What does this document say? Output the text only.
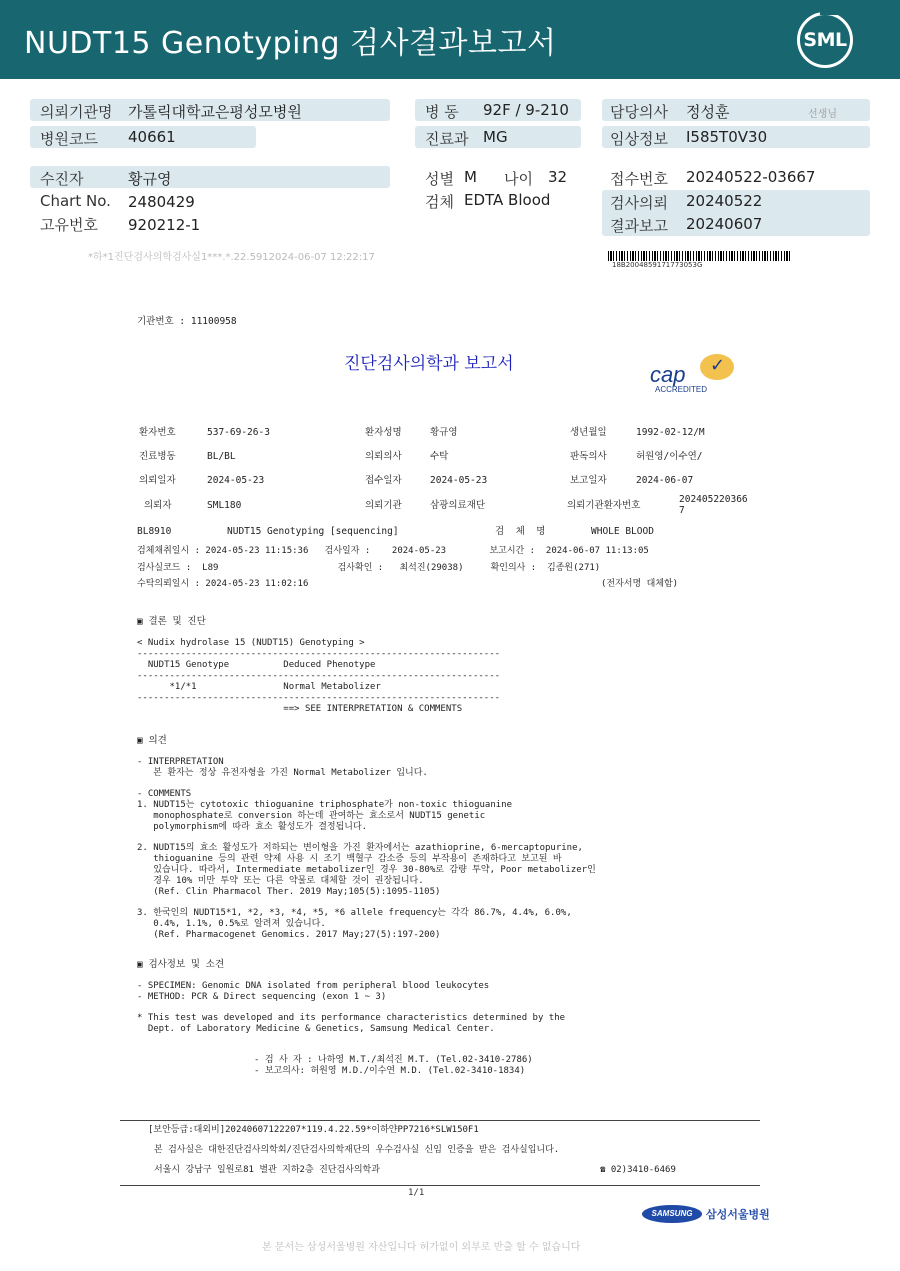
NUDT15 Genotyping 검사결과보고서	SML
의뢰기관명 가톨릭대학교은평성모병원
병원코드 40661
병 동 92F / 9-210
진료과 MG
담당의사 정성훈	선생님
임상정보 I585T0V30
수진자	황규영
Chart No. 2480429
고유번호 920212-1
성별 M 나이 32
검체 EDTA Blood
접수번호 20240522-03667
검사의뢰 20240522
결과보고 20240607
*하*1진단검사의학검사실1***.*.22.5912024-06-07 12:22:17
18B2004859171773053G
기관번호 : 11100958
진단검사의학과 보고서
✓	cap
ACCREDITED
환자번호	537-69-26-3	환자성명	황규영	생년월일	1992-02-12/M
진료병동	BL/BL	의뢰의사	수탁	판독의사	허원영/이수연/
의뢰일자	2024-05-23	접수일자	2024-05-23	보고일자	2024-06-07
의뢰자	SML180	의뢰기관	삼광의료재단	의뢰기관환자번호
202405220366
7
BL8910	NUDT15 Genotyping [sequencing]	검  체  명	WHOLE BLOOD
검체채취일시 : 2024-05-23 11:15:36   검사일자 :    2024-05-23        보고시간 :  2024-06-07 11:13:05
검사실코드 :  L89                      검사확인 :   최석진(29038)     확인의사 :  김종원(271)
수탁의뢰일시 : 2024-05-23 11:02:16                                                      (전자서명 대체함)
▣ 결론 및 진단
< Nudix hydrolase 15 (NUDT15) Genotyping >
-------------------------------------------------------------------
NUDT15 Genotype          Deduced Phenotype
-------------------------------------------------------------------
*1/*1                Normal Metabolizer
-------------------------------------------------------------------
==> SEE INTERPRETATION & COMMENTS
▣ 의견
- INTERPRETATION
본 환자는 정상 유전자형을 가진 Normal Metabolizer 입니다.

- COMMENTS
1. NUDT15는 cytotoxic thioguanine triphosphate가 non-toxic thioguanine
monophosphate로 conversion 하는데 관여하는 효소로서 NUDT15 genetic
polymorphism에 따라 효소 활성도가 결정됩니다.

2. NUDT15의 효소 활성도가 저하되는 변이형을 가진 환자에서는 azathioprine, 6-mercaptopurine,
thioguanine 등의 관련 약제 사용 시 조기 백혈구 감소증 등의 부작용이 존재하다고 보고된 바
있습니다. 따라서, Intermediate metabolizer인 경우 30-80%로 감량 투약, Poor metabolizer인
경우 10% 미만 투약 또는 다른 약물로 대체할 것이 권장됩니다.
(Ref. Clin Pharmacol Ther. 2019 May;105(5):1095-1105)

3. 한국인의 NUDT15*1, *2, *3, *4, *5, *6 allele frequency는 각각 86.7%, 4.4%, 6.0%,
0.4%, 1.1%, 0.5%로 알려져 있습니다.
(Ref. Pharmacogenet Genomics. 2017 May;27(5):197-200)
▣ 검사정보 및 소견
- SPECIMEN: Genomic DNA isolated from peripheral blood leukocytes
- METHOD: PCR & Direct sequencing (exon 1 ~ 3)

* This test was developed and its performance characteristics determined by the
Dept. of Laboratory Medicine & Genetics, Samsung Medical Center.
- 검 사 자 : 나하영 M.T./최석진 M.T. (Tel.02-3410-2786)
- 보고의사: 허원영 M.D./이수연 M.D. (Tel.02-3410-1834)
[보안등급:대외비]20240607122207*119.4.22.59*이하얀PP7216*SLW150F1
본 검사실은 대한진단검사의학회/진단검사의학재단의 우수검사실 신임 인증을 받은 검사실입니다.
서울시 강남구 일원로81 별관 지하2층 진단검사의학과	☎ 02)3410-6469
1/1
SAMSUNG	삼성서울병원
본 문서는 삼성서울병원 자산입니다 허가없이 외부로 반출 할 수 없습니다
